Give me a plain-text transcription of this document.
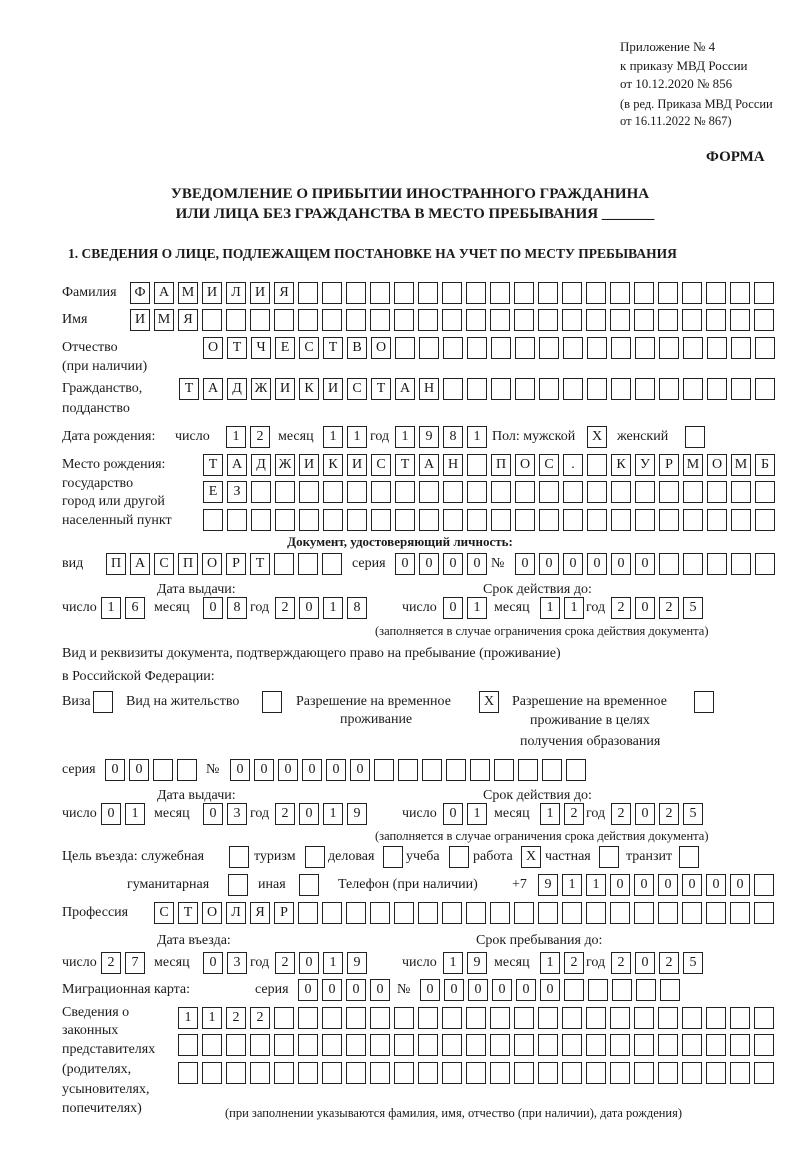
Приложение № 4
к приказу МВД России
от 10.12.2020 № 856
(в ред. Приказа МВД России
от 16.11.2022 № 867)
ФОРМА
УВЕДОМЛЕНИЕ О ПРИБЫТИИ ИНОСТРАННОГО ГРАЖДАНИНА
ИЛИ ЛИЦА БЕЗ ГРАЖДАНСТВА В МЕСТО ПРЕБЫВАНИЯ _______
1. СВЕДЕНИЯ О ЛИЦЕ, ПОДЛЕЖАЩЕМ ПОСТАНОВКЕ НА УЧЕТ ПО МЕСТУ ПРЕБЫВАНИЯ
Фамилия	Ф А М И	Л	И	Я
Имя	И М Я
Отчество
(при наличии)
О	Т	Ч	Е	С	Т	В	О
Гражданство,
подданство
Т	А	Д Ж И	К	И	С	Т	А Н
Дата рождения: число	1	2	месяц	1	1 год 1	9	8	1 Пол: мужской	X	женский
Место рождения:
государство
город или другой
населенный пункт
Т	А	Д Ж И	К	И	С	Т	А Н	П О	С	.	К	У	Р М О М Б
Е	З
Документ, удостоверяющий личность:
вид	П А	С	П О	Р	Т	серия	0	0	0	0 №	0	0	0	0	0	0
Дата выдачи:	Срок действия до:
число 1	6	месяц	0	8 год 2	0	1	8	число 0	1 месяц	1	1 год 2	0	2	5
(заполняется в случае ограничения срока действия документа)
Вид и реквизиты документа, подтверждающего право на пребывание (проживание)
в Российской Федерации:
Виза	Вид на жительство	Разрешение на временное
проживание
X	Разрешение на временное
проживание в целях
получения образования
серия	0	0	№	0	0	0	0	0	0
Дата выдачи:	Срок действия до:
число 0	1	месяц	0	3 год 2	0	1	9	число 0	1 месяц	1	2 год 2	0	2	5
(заполняется в случае ограничения срока действия документа)
Цель въезда: служебная	туризм деловая учеба работа X частная	транзит
гуманитарная	иная	Телефон (при наличии) +7	9	1	1	0	0	0	0	0	0
Профессия	С	Т	О	Л	Я	Р
Дата въезда:	Срок пребывания до:
число 2	7	месяц	0	3 год 2	0	1	9	число 1	9 месяц	1	2 год 2	0	2	5
Миграционная карта:	серия	0	0	0	0 №	0	0	0	0	0	0
Сведения о
законных
представителях
(родителях,
усыновителях,
попечителях)
1	1	2	2
(при заполнении указываются фамилия, имя, отчество (при наличии), дата рождения)
